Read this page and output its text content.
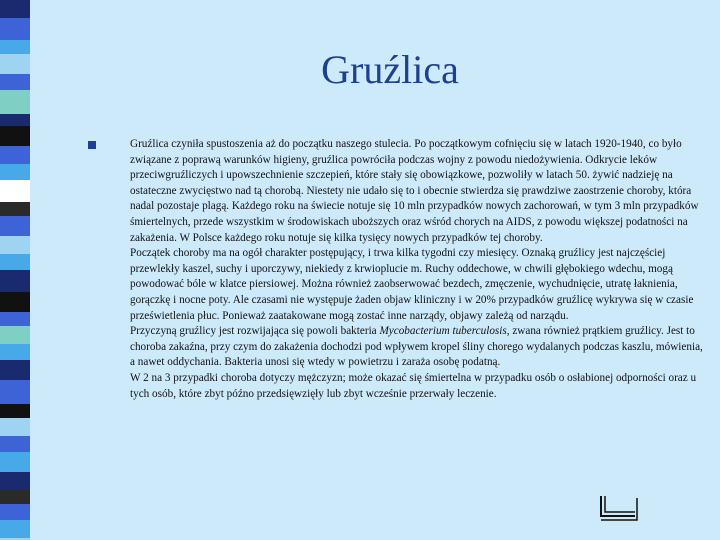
Gruźlica

Gruźlica czyniła spustoszenia aż do początku naszego stulecia. Po początkowym cofnięciu się w latach 1920-1940, co było związane z poprawą warunków higieny, gruźlica powróciła podczas wojny z powodu niedożywienia. Odkrycie leków przeciwgruźliczych i upowszechnienie szczepień, które stały się obowiązkowe, pozwoliły w latach 50. żywić nadzieję na ostateczne zwycięstwo nad tą chorobą. Niestety nie udało się to i obecnie stwierdza się prawdziwe zaostrzenie choroby, która nadal pozostaje plagą. Każdego roku na świecie notuje się 10 mln przypadków nowych zachorowań, w tym 3 mln przypadków śmiertelnych, przede wszystkim w środowiskach uboższych oraz wśród chorych na AIDS, z powodu większej podatności na zakażenia. W Polsce każdego roku notuje się kilka tysięcy nowych przypadków tej choroby.

Początek choroby ma na ogół charakter postępujący, i trwa kilka tygodni czy miesięcy. Oznaką gruźlicy jest najczęściej przewlekły kaszel, suchy i uporczywy, niekiedy z krwioplucie m. Ruchy oddechowe, w chwili głębokiego wdechu, mogą powodować bóle w klatce piersiowej. Można również zaobserwować bezdech, zmęczenie, wychudnięcie, utratę łaknienia, gorączkę i nocne poty. Ale czasami nie występuje żaden objaw kliniczny i w 20% przypadków gruźlicę wykrywa się w czasie prześwietlenia płuc. Ponieważ zaatakowane mogą zostać inne narządy, objawy zależą od narządu.

Przyczyną gruźlicy jest rozwijająca się powoli bakteria Mycobacterium tuberculosis, zwana również prątkiem gruźlicy. Jest to choroba zakaźna, przy czym do zakażenia dochodzi pod wpływem kropel śliny chorego wydalanych podczas kaszlu, mówienia, a nawet oddychania. Bakteria unosi się wtedy w powietrzu i zaraża osobę podatną.

W 2 na 3 przypadki choroba dotyczy mężczyzn; może okazać się śmiertelna w przypadku osób o osłabionej odporności oraz u tych osób, które zbyt późno przedsięwzięły lub zbyt wcześnie przerwały leczenie.
